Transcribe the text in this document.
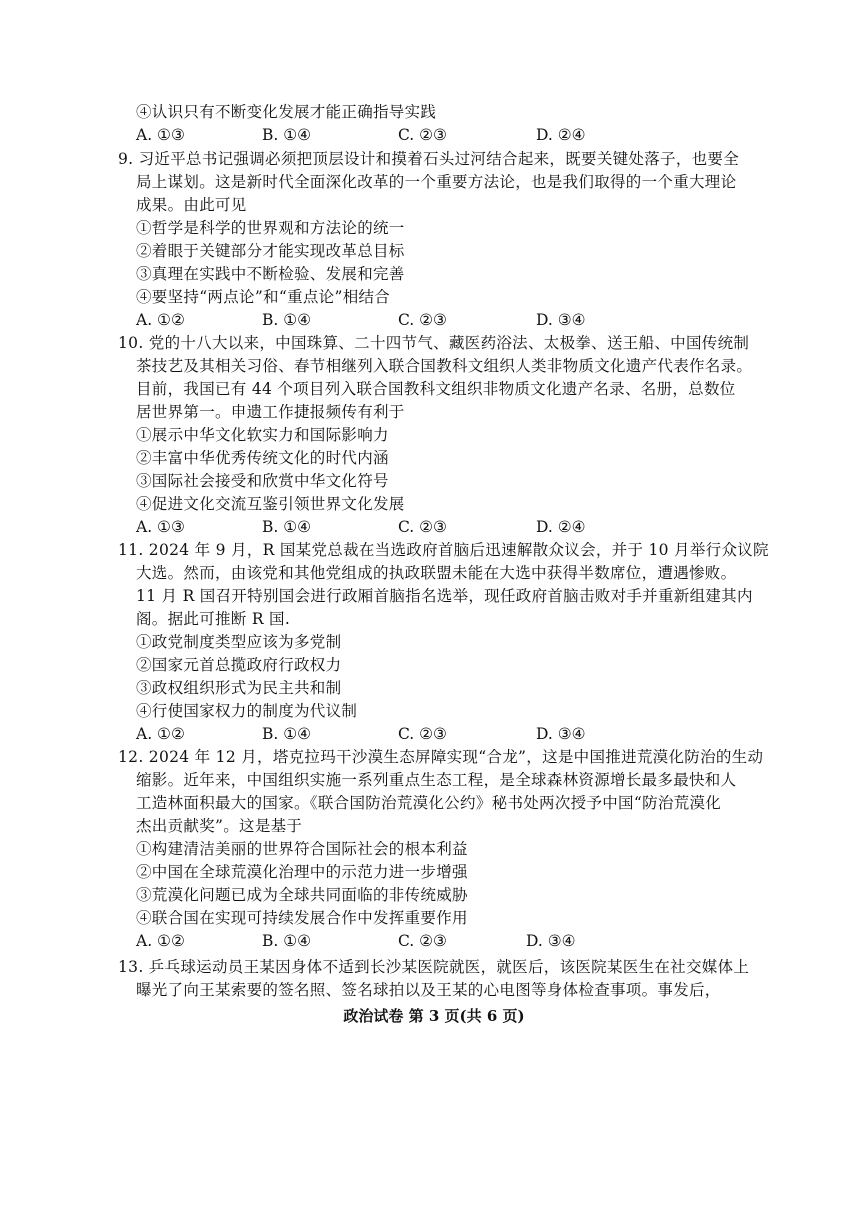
④认识只有不断变化发展才能正确指导实践
A. ①③	B. ①④	C. ②③	D. ②④
9. 习近平总书记强调必须把顶层设计和摸着石头过河结合起来，既要关键处落子，也要全
局上谋划。这是新时代全面深化改革的一个重要方法论，也是我们取得的一个重大理论
成果。由此可见
①哲学是科学的世界观和方法论的统一
②着眼于关键部分才能实现改革总目标
③真理在实践中不断检验、发展和完善
④要坚持“两点论”和“重点论”相结合
A. ①②	B. ①④	C. ②③	D. ③④
10. 党的十八大以来，中国珠算、二十四节气、藏医药浴法、太极拳、送王船、中国传统制
茶技艺及其相关习俗、春节相继列入联合国教科文组织人类非物质文化遗产代表作名录。
目前，我国已有 44 个项目列入联合国教科文组织非物质文化遗产名录、名册，总数位
居世界第一。申遗工作捷报频传有利于
①展示中华文化软实力和国际影响力
②丰富中华优秀传统文化的时代内涵
③国际社会接受和欣赏中华文化符号
④促进文化交流互鉴引领世界文化发展
A. ①③	B. ①④	C. ②③	D. ②④
11. 2024 年 9 月，R 国某党总裁在当选政府首脑后迅速解散众议会，并于 10 月举行众议院
大选。然而，由该党和其他党组成的执政联盟未能在大选中获得半数席位，遭遇惨败。
11 月 R 国召开特别国会进行政厢首脑指名选举，现任政府首脑击败对手并重新组建其内
阁。据此可推断 R 国.
①政党制度类型应该为多党制
②国家元首总揽政府行政权力
③政权组织形式为民主共和制
④行使国家权力的制度为代议制
A. ①②	B. ①④	C. ②③	D. ③④
12. 2024 年 12 月，塔克拉玛干沙漠生态屏障实现“合龙”，这是中国推进荒漠化防治的生动
缩影。近年来，中国组织实施一系列重点生态工程，是全球森林资源增长最多最快和人
工造林面积最大的国家。《联合国防治荒漠化公约》秘书处两次授予中国“防治荒漠化
杰出贡献奖”。这是基于
①构建清洁美丽的世界符合国际社会的根本利益
②中国在全球荒漠化治理中的示范力进一步增强
③荒漠化问题已成为全球共同面临的非传统威胁
④联合国在实现可持续发展合作中发挥重要作用
A. ①②	B. ①④	C. ②③	D. ③④
13. 乒乓球运动员王某因身体不适到长沙某医院就医，就医后，该医院某医生在社交媒体上
曝光了向王某索要的签名照、签名球拍以及王某的心电图等身体检查事项。事发后，
政治试卷 第 3 页(共 6 页)
